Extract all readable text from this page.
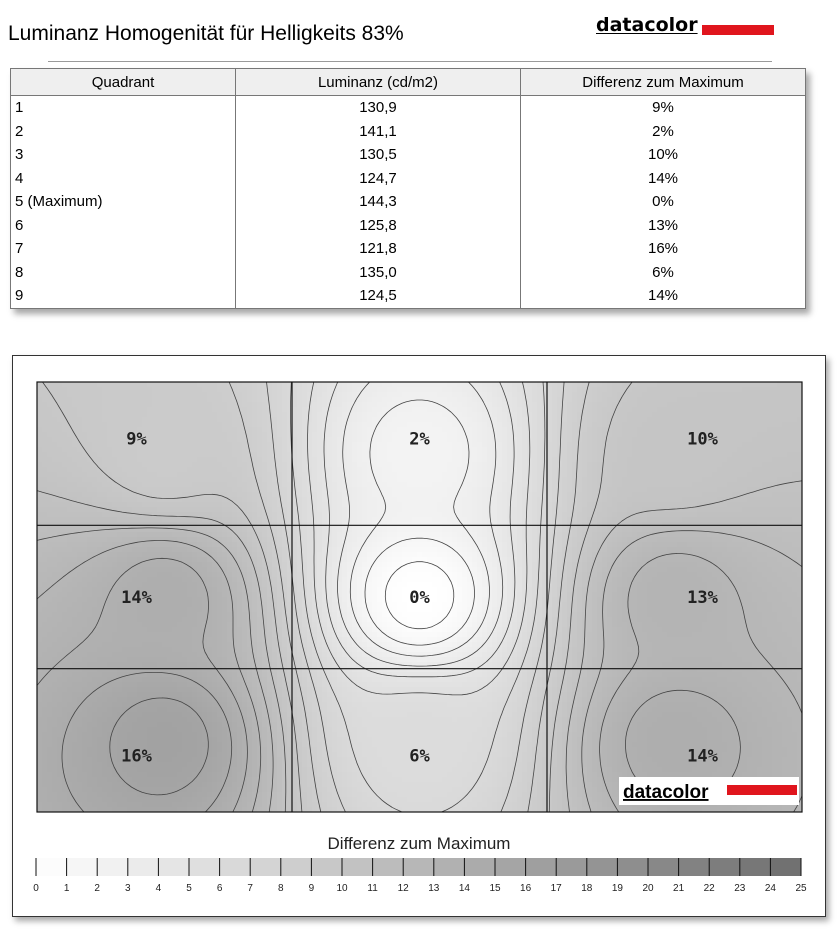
Luminanz Homogenität für Helligkeits 83%	datacolor
Quadrant	Luminanz (cd/m2)	Differenz zum Maximum
1	130,9	9%
2	141,1	2%
3	130,5	10%
4	124,7	14%
5 (Maximum)	144,3	0%
6	125,8	13%
7	121,8	16%
8	135,0	6%
9	124,5	14%
9%	2%	10%
14%	0%	13%
16%	6%	14%
datacolor
Differenz zum Maximum
0	1	2	3	4	5	6	7	8	9 10 11 12 13 14 15 16 17 18 19 20 21 22 23 24 25
